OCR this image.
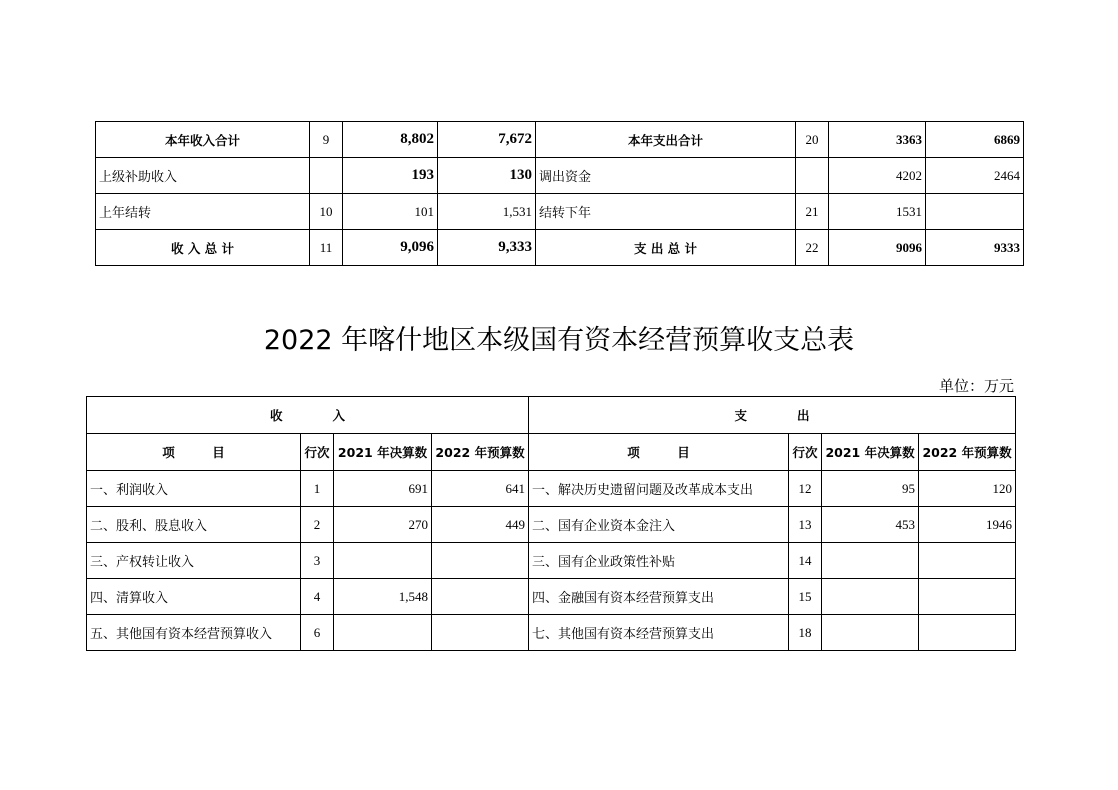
本年收入合计	9	8,802	7,672	本年支出合计	20	3363	6869
上级补助收入		193	130	调出资金		4202	2464
上年结转	10	101	1,531	结转下年	21	1531	
收 入 总 计	11	9,096	9,333	支 出 总 计	22	9096	9333
2022 年喀什地区本级国有资本经营预算收支总表
单位：万元
收　　　　入				支　　　　出			
项　　　目	行次	2021 年决算数	2022 年预算数	项　　　目	行次	2021 年决算数	2022 年预算数
一、利润收入	1	691	641	一、解决历史遗留问题及改革成本支出	12	95	120
二、股利、股息收入	2	270	449	二、国有企业资本金注入	13	453	1946
三、产权转让收入	3			三、国有企业政策性补贴	14		
四、清算收入	4	1,548		四、金融国有资本经营预算支出	15		
五、其他国有资本经营预算收入	6			七、其他国有资本经营预算支出	18		
